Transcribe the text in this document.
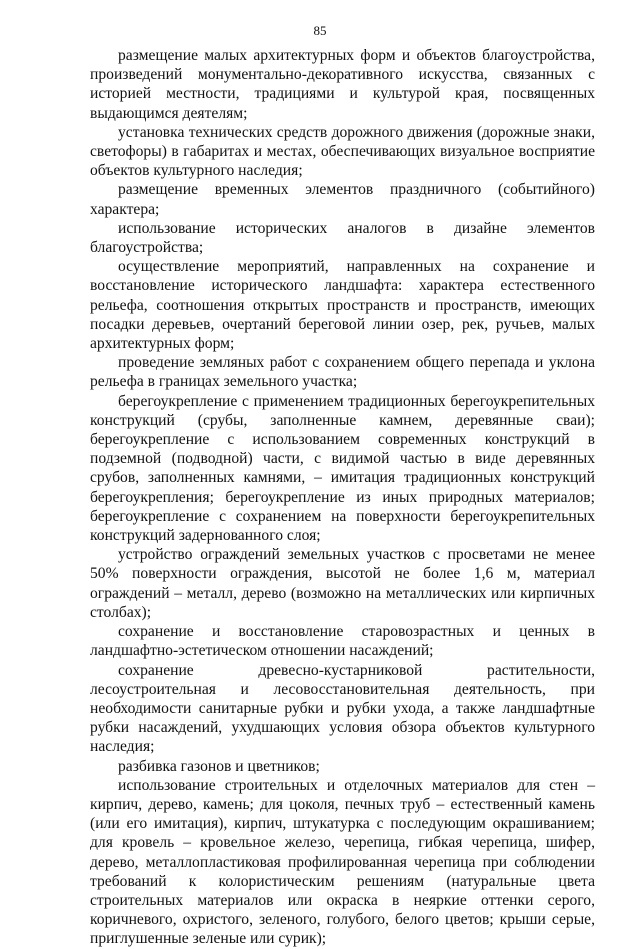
85

размещение малых архитектурных форм и объектов благоустройства, произведений монументально-декоративного искусства, связанных с историей местности, традициями и культурой края, посвященных выдающимся деятелям;

установка технических средств дорожного движения (дорожные знаки, светофоры) в габаритах и местах, обеспечивающих визуальное восприятие объектов культурного наследия;

размещение временных элементов праздничного (событийного) характера;

использование исторических аналогов в дизайне элементов благоустройства;

осуществление мероприятий, направленных на сохранение и восстановление исторического ландшафта: характера естественного рельефа, соотношения открытых пространств и пространств, имеющих посадки деревьев, очертаний береговой линии озер, рек, ручьев, малых архитектурных форм;

проведение земляных работ с сохранением общего перепада и уклона рельефа в границах земельного участка;

берегоукрепление с применением традиционных берегоукрепительных конструкций (срубы, заполненные камнем, деревянные сваи); берегоукрепление с использованием современных конструкций в подземной (подводной) части, с видимой частью в виде деревянных срубов, заполненных камнями, – имитация традиционных конструкций берегоукрепления; берегоукрепление из иных природных материалов; берегоукрепление с сохранением на поверхности берегоукрепительных конструкций задернованного слоя;

устройство ограждений земельных участков с просветами не менее 50% поверхности ограждения, высотой не более 1,6 м, материал ограждений – металл, дерево (возможно на металлических или кирпичных столбах);

сохранение и восстановление старовозрастных и ценных в ландшафтно-эстетическом отношении насаждений;

сохранение древесно-кустарниковой растительности, лесоустроительная и лесовосстановительная деятельность, при необходимости санитарные рубки и рубки ухода, а также ландшафтные рубки насаждений, ухудшающих условия обзора объектов культурного наследия;

разбивка газонов и цветников;

использование строительных и отделочных материалов для стен – кирпич, дерево, камень; для цоколя, печных труб – естественный камень (или его имитация), кирпич, штукатурка с последующим окрашиванием; для кровель – кровельное железо, черепица, гибкая черепица, шифер, дерево, металлопластиковая профилированная черепица при соблюдении требований к колористическим решениям (натуральные цвета строительных материалов или окраска в неяркие оттенки серого, коричневого, охристого, зеленого, голубого, белого цветов; крыши серые, приглушенные зеленые или сурик);
